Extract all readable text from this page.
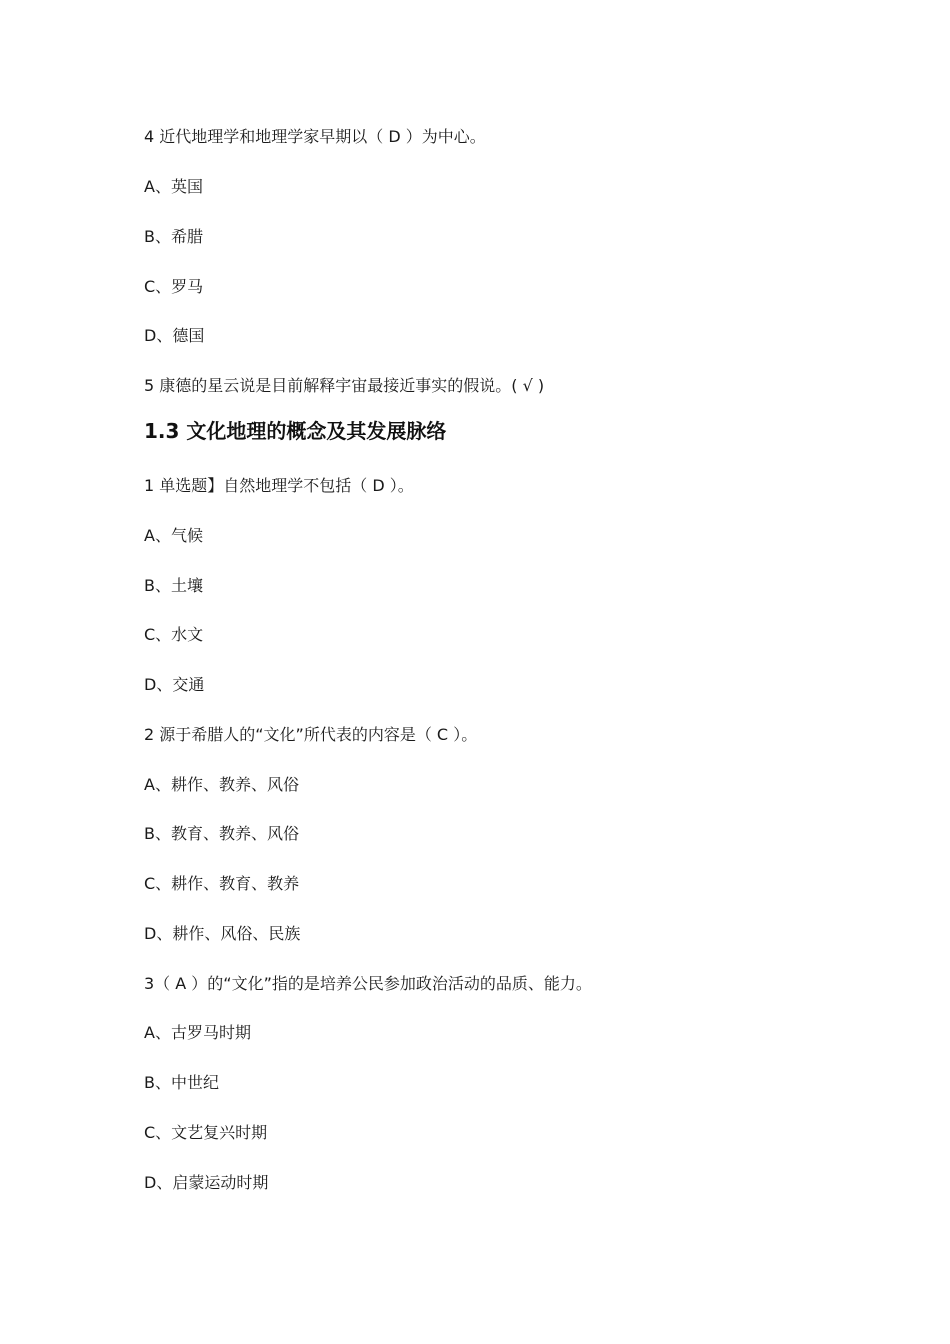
4 近代地理学和地理学家早期以（ D ）为中心。
A、英国
B、希腊
C、罗马
D、德国
5 康德的星云说是目前解释宇宙最接近事实的假说。( √ )
1.3 文化地理的概念及其发展脉络
1 单选题】自然地理学不包括（ D ）。
A、气候
B、土壤
C、水文
D、交通
2 源于希腊人的“文化”所代表的内容是（ C ）。
A、耕作、教养、风俗
B、教育、教养、风俗
C、耕作、教育、教养
D、耕作、风俗、民族
3（ A ）的“文化”指的是培养公民参加政治活动的品质、能力。
A、古罗马时期
B、中世纪
C、文艺复兴时期
D、启蒙运动时期
